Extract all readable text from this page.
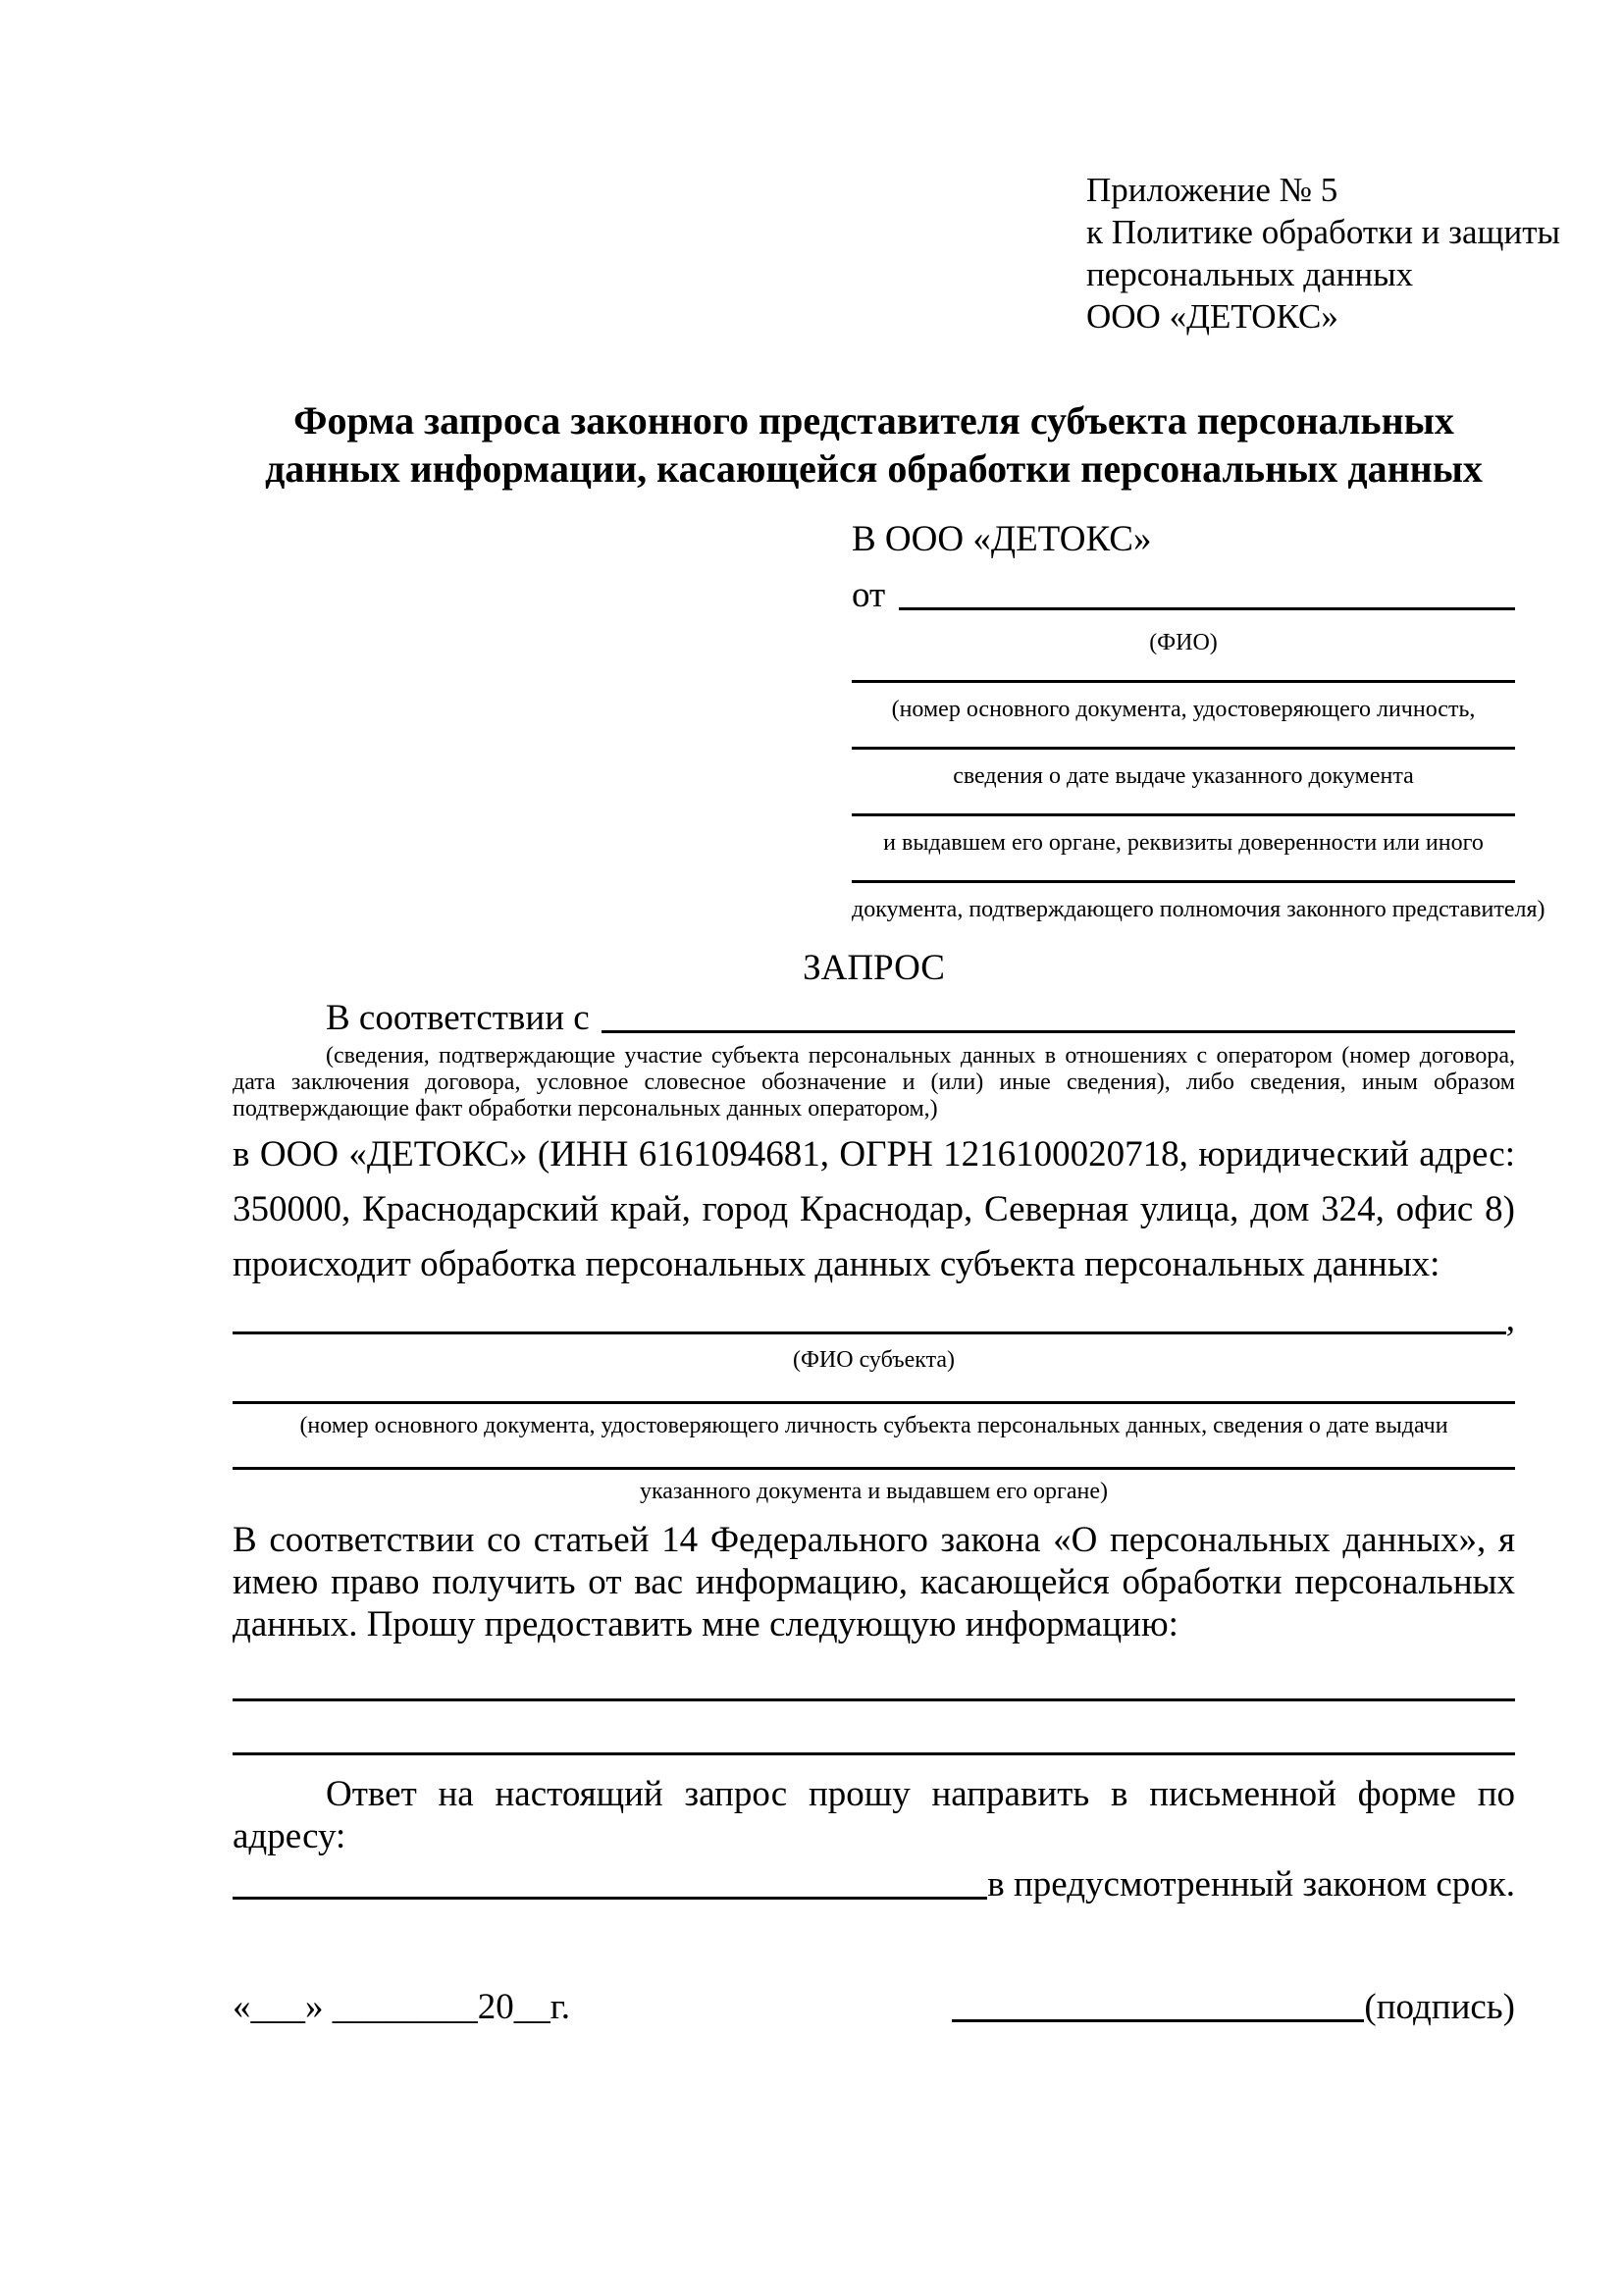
Приложение № 5
к Политике обработки и защиты
персональных данных
ООО «ДЕТОКС»
Форма запроса законного представителя субъекта персональных данных информации, касающейся обработки персональных данных
В ООО «ДЕТОКС»
от
(ФИО)
(номер основного документа, удостоверяющего личность,
сведения о дате выдаче указанного документа
и выдавшем его органе, реквизиты доверенности или иного
документа, подтверждающего полномочия законного представителя)
ЗАПРОС
В соответствии с

(сведения, подтверждающие участие субъекта персональных данных в отношениях с оператором (номер договора, дата заключения договора, условное словесное обозначение и (или) иные сведения), либо сведения, иным образом подтверждающие факт обработки персональных данных оператором,)

в ООО «ДЕТОКС» (ИНН 6161094681, ОГРН 1216100020718, юридический адрес: 350000, Краснодарский край, город Краснодар, Северная улица, дом 324, офис 8) происходит обработка персональных данных субъекта персональных данных:

,
(ФИО субъекта)
(номер основного документа, удостоверяющего личность субъекта персональных данных, сведения о дате выдачи
указанного документа и выдавшем его органе)

В соответствии со статьей 14 Федерального закона «О персональных данных», я имею право получить от вас информацию, касающейся обработки персональных данных. Прошу предоставить мне следующую информацию:

Ответ на настоящий запрос прошу направить в письменной форме по адресу:

в предусмотренный законом срок.
«___» ________20__г.	(подпись)
